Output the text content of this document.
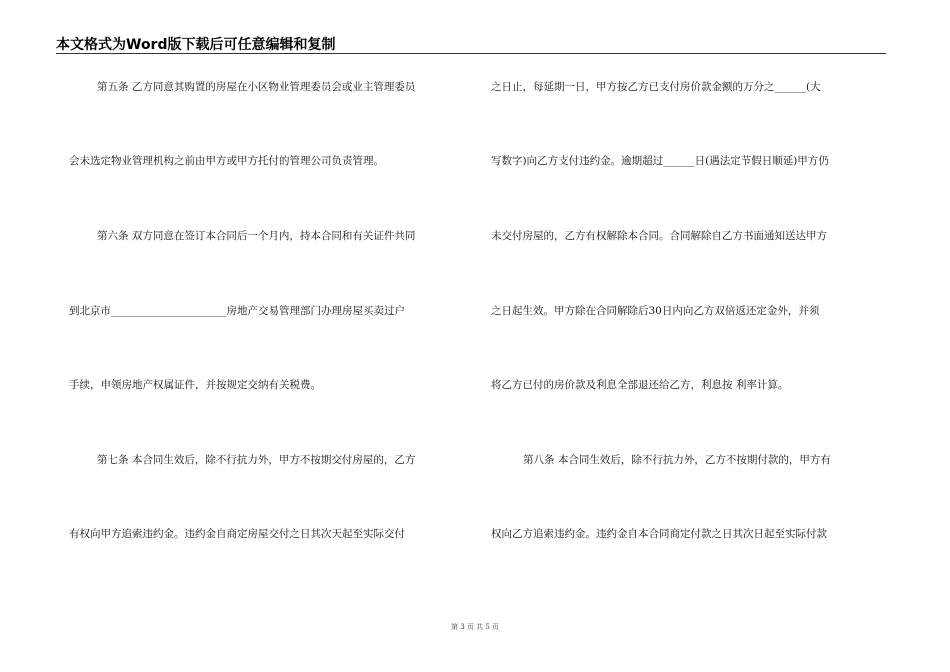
本文格式为Word版下载后可任意编辑和复制
第五条 乙方同意其购置的房屋在小区物业管理委员会或业主管理委员
会未选定物业管理机构之前由甲方或甲方托付的管理公司负责管理。
第六条 双方同意在签订本合同后一个月内，持本合同和有关证件共同
到北京市______________________房地产交易管理部门办理房屋买卖过户
手续，申领房地产权属证件，并按规定交纳有关税费。
第七条 本合同生效后，除不行抗力外，甲方不按期交付房屋的，乙方
有权向甲方追索违约金。违约金自商定房屋交付之日其次天起至实际交付
之日止，每延期一日，甲方按乙方已支付房价款金额的万分之______(大
写数字)向乙方支付违约金。逾期超过______日(遇法定节假日顺延)甲方仍
未交付房屋的，乙方有权解除本合同。合同解除自乙方书面通知送达甲方
之日起生效。甲方除在合同解除后30日内向乙方双倍返还定金外，并须
将乙方已付的房价款及利息全部退还给乙方，利息按 利率计算。
第八条 本合同生效后，除不行抗力外，乙方不按期付款的，甲方有
权向乙方追索违约金。违约金自本合同商定付款之日其次日起至实际付款
第 3 页 共 5 页
